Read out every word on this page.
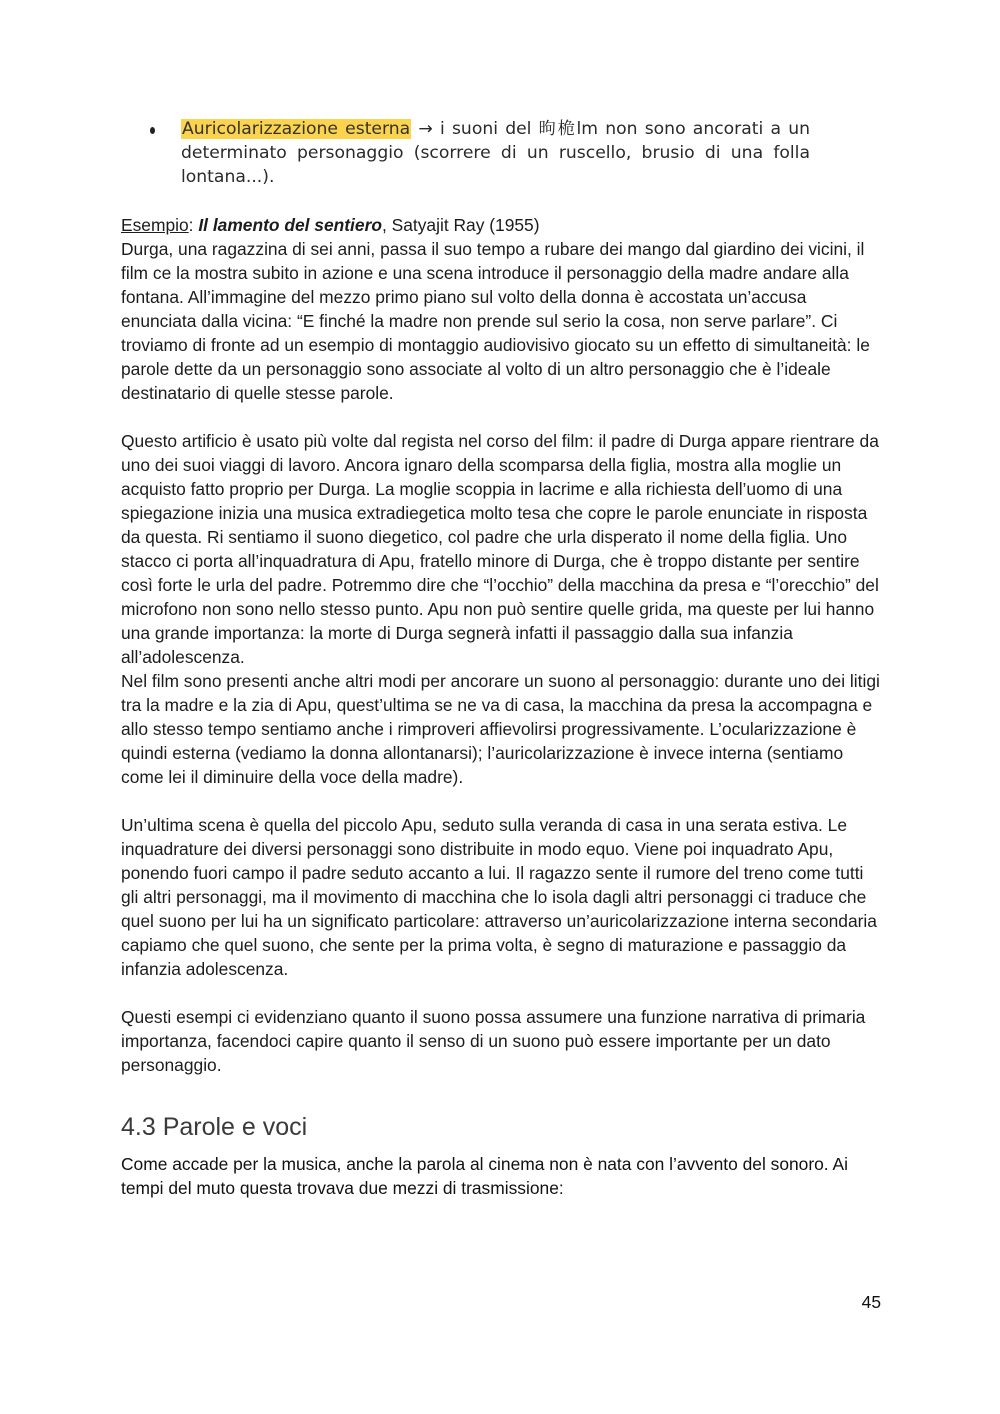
Auricolarizzazione esterna → i suoni del 昫桅lm non sono ancorati a un determinato personaggio (scorrere di un ruscello, brusio di una folla lontana...).

Esempio: Il lamento del sentiero, Satyajit Ray (1955)

Durga, una ragazzina di sei anni, passa il suo tempo a rubare dei mango dal giardino dei vicini, il film ce la mostra subito in azione e una scena introduce il personaggio della madre andare alla fontana. All’immagine del mezzo primo piano sul volto della donna è accostata un’accusa enunciata dalla vicina: “E finché la madre non prende sul serio la cosa, non serve parlare”. Ci troviamo di fronte ad un esempio di montaggio audiovisivo giocato su un effetto di simultaneità: le parole dette da un personaggio sono associate al volto di un altro personaggio che è l’ideale destinatario di quelle stesse parole.

Questo artificio è usato più volte dal regista nel corso del film: il padre di Durga appare rientrare da uno dei suoi viaggi di lavoro. Ancora ignaro della scomparsa della figlia, mostra alla moglie un acquisto fatto proprio per Durga. La moglie scoppia in lacrime e alla richiesta dell’uomo di una spiegazione inizia una musica extradiegetica molto tesa che copre le parole enunciate in risposta da questa. Ri sentiamo il suono diegetico, col padre che urla disperato il nome della figlia. Uno stacco ci porta all’inquadratura di Apu, fratello minore di Durga, che è troppo distante per sentire così forte le urla del padre. Potremmo dire che “l’occhio” della macchina da presa e “l’orecchio” del microfono non sono nello stesso punto. Apu non può sentire quelle grida, ma queste per lui hanno una grande importanza: la morte di Durga segnerà infatti il passaggio dalla sua infanzia all’adolescenza.

Nel film sono presenti anche altri modi per ancorare un suono al personaggio: durante uno dei litigi tra la madre e la zia di Apu, quest’ultima se ne va di casa, la macchina da presa la accompagna e allo stesso tempo sentiamo anche i rimproveri affievolirsi progressivamente. L’ocularizzazione è quindi esterna (vediamo la donna allontanarsi); l’auricolarizzazione è invece interna (sentiamo come lei il diminuire della voce della madre).

Un’ultima scena è quella del piccolo Apu, seduto sulla veranda di casa in una serata estiva. Le inquadrature dei diversi personaggi sono distribuite in modo equo. Viene poi inquadrato Apu, ponendo fuori campo il padre seduto accanto a lui. Il ragazzo sente il rumore del treno come tutti gli altri personaggi, ma il movimento di macchina che lo isola dagli altri personaggi ci traduce che quel suono per lui ha un significato particolare: attraverso un’auricolarizzazione interna secondaria capiamo che quel suono, che sente per la prima volta, è segno di maturazione e passaggio da infanzia adolescenza.

Questi esempi ci evidenziano quanto il suono possa assumere una funzione narrativa di primaria importanza, facendoci capire quanto il senso di un suono può essere importante per un dato personaggio.

4.3 Parole e voci

Come accade per la musica, anche la parola al cinema non è nata con l’avvento del sonoro. Ai tempi del muto questa trovava due mezzi di trasmissione:

45
